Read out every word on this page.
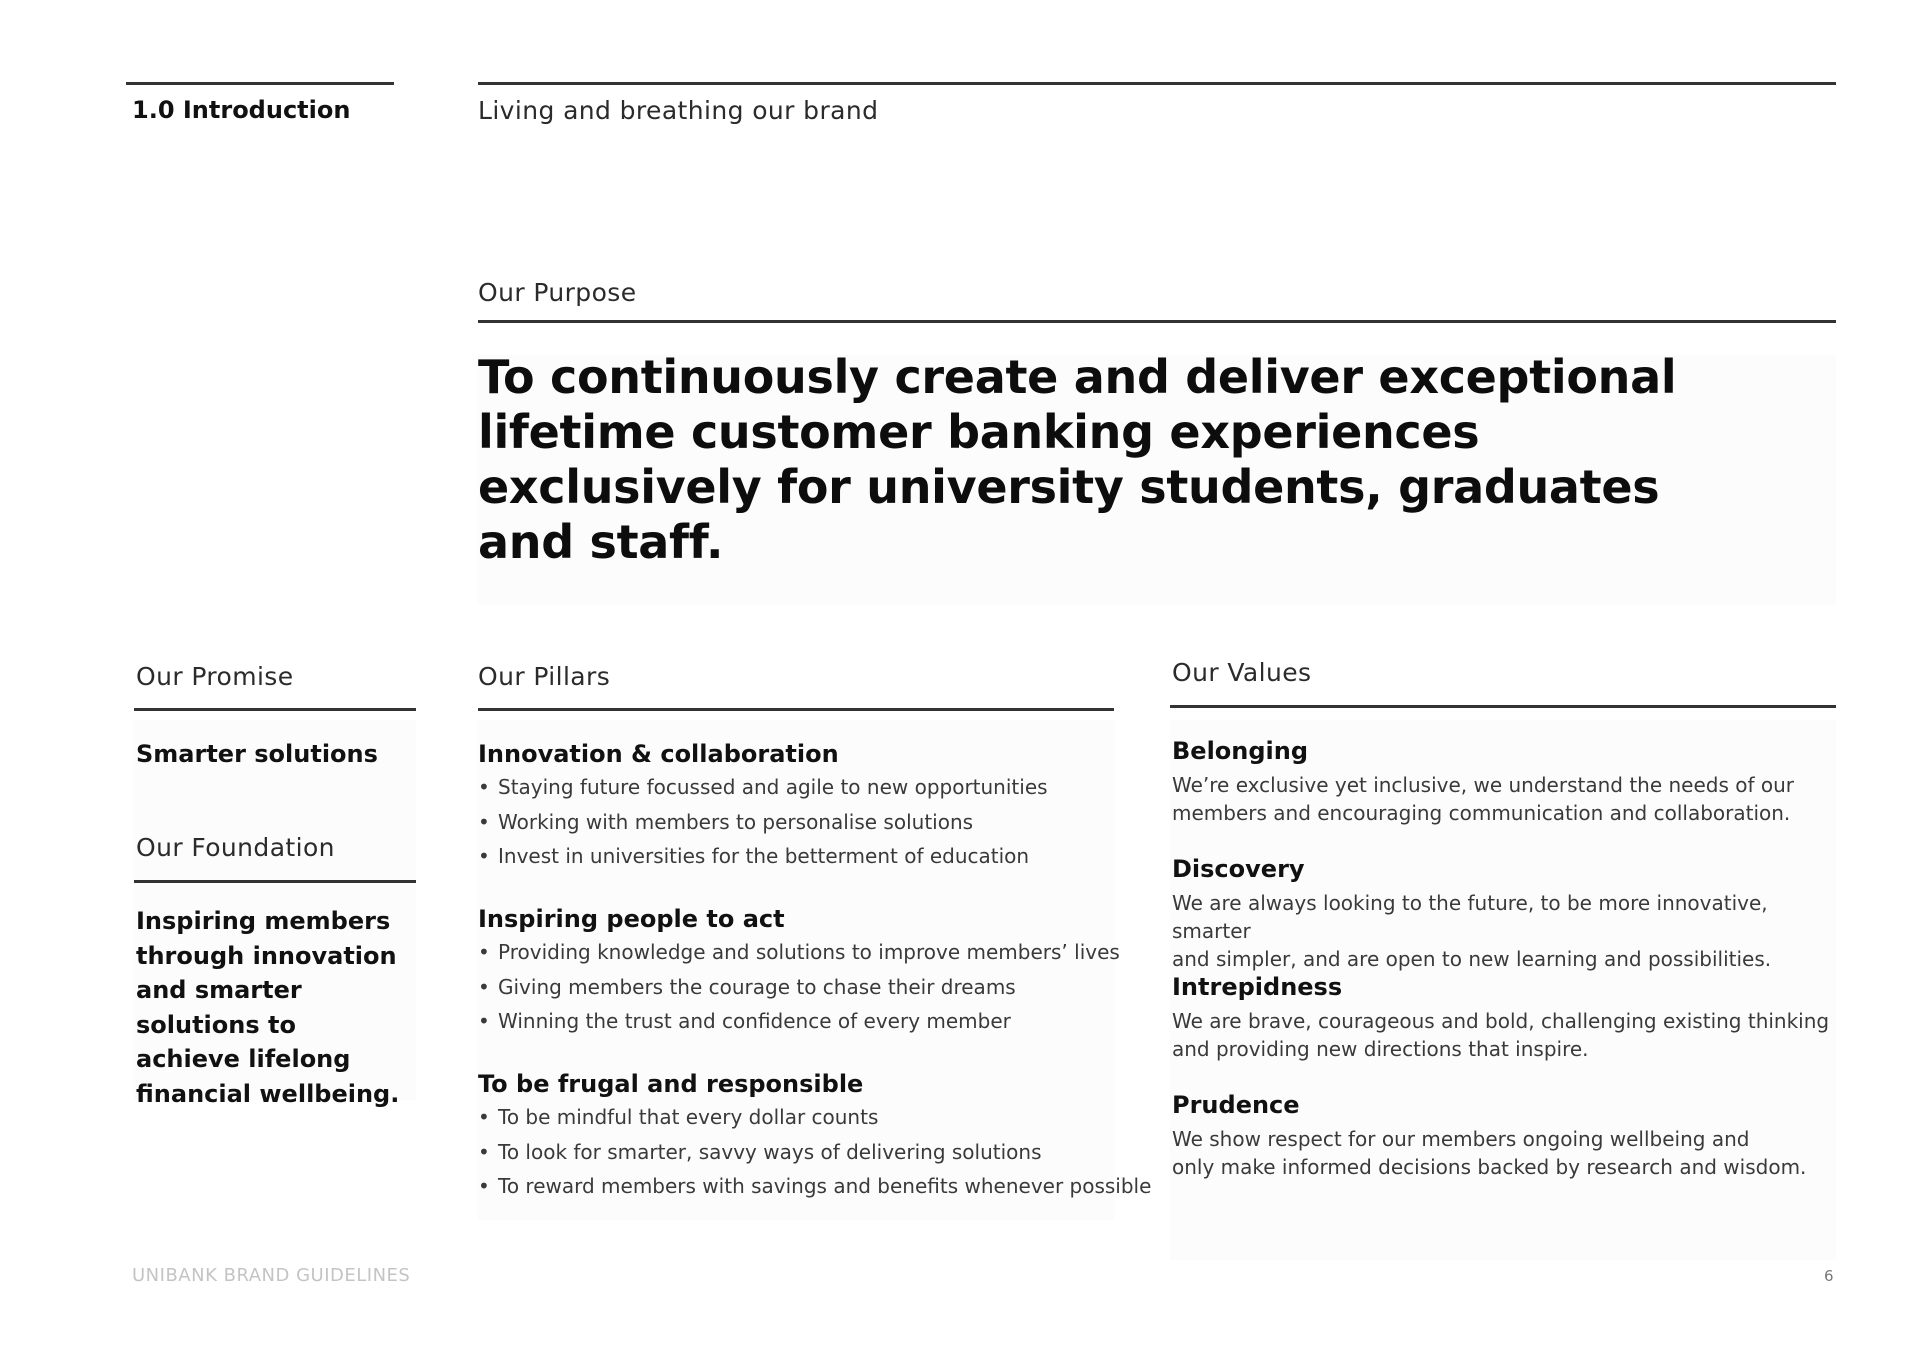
1.0 Introduction	Living and breathing our brand
Our Purpose
To continuously create and deliver exceptional lifetime customer banking experiences exclusively for university students, graduates and staff.
Our Promise
Smarter solutions
Our Foundation
Inspiring members through innovation and smarter solutions to achieve lifelong financial wellbeing.
Our Pillars
Innovation & collaboration
• Staying future focussed and agile to new opportunities
• Working with members to personalise solutions
• Invest in universities for the betterment of education
Inspiring people to act
• Providing knowledge and solutions to improve members’ lives
• Giving members the courage to chase their dreams
• Winning the trust and confidence of every member
To be frugal and responsible
• To be mindful that every dollar counts
• To look for smarter, savvy ways of delivering solutions
• To reward members with savings and benefits whenever possible
Our Values
Belonging
We’re exclusive yet inclusive, we understand the needs of our
members and encouraging communication and collaboration.
Discovery
We are always looking to the future, to be more innovative, smarter
and simpler, and are open to new learning and possibilities.
Intrepidness
We are brave, courageous and bold, challenging existing thinking
and providing new directions that inspire.
Prudence
We show respect for our members ongoing wellbeing and
only make informed decisions backed by research and wisdom.
UNIBANK BRAND GUIDELINES	6
